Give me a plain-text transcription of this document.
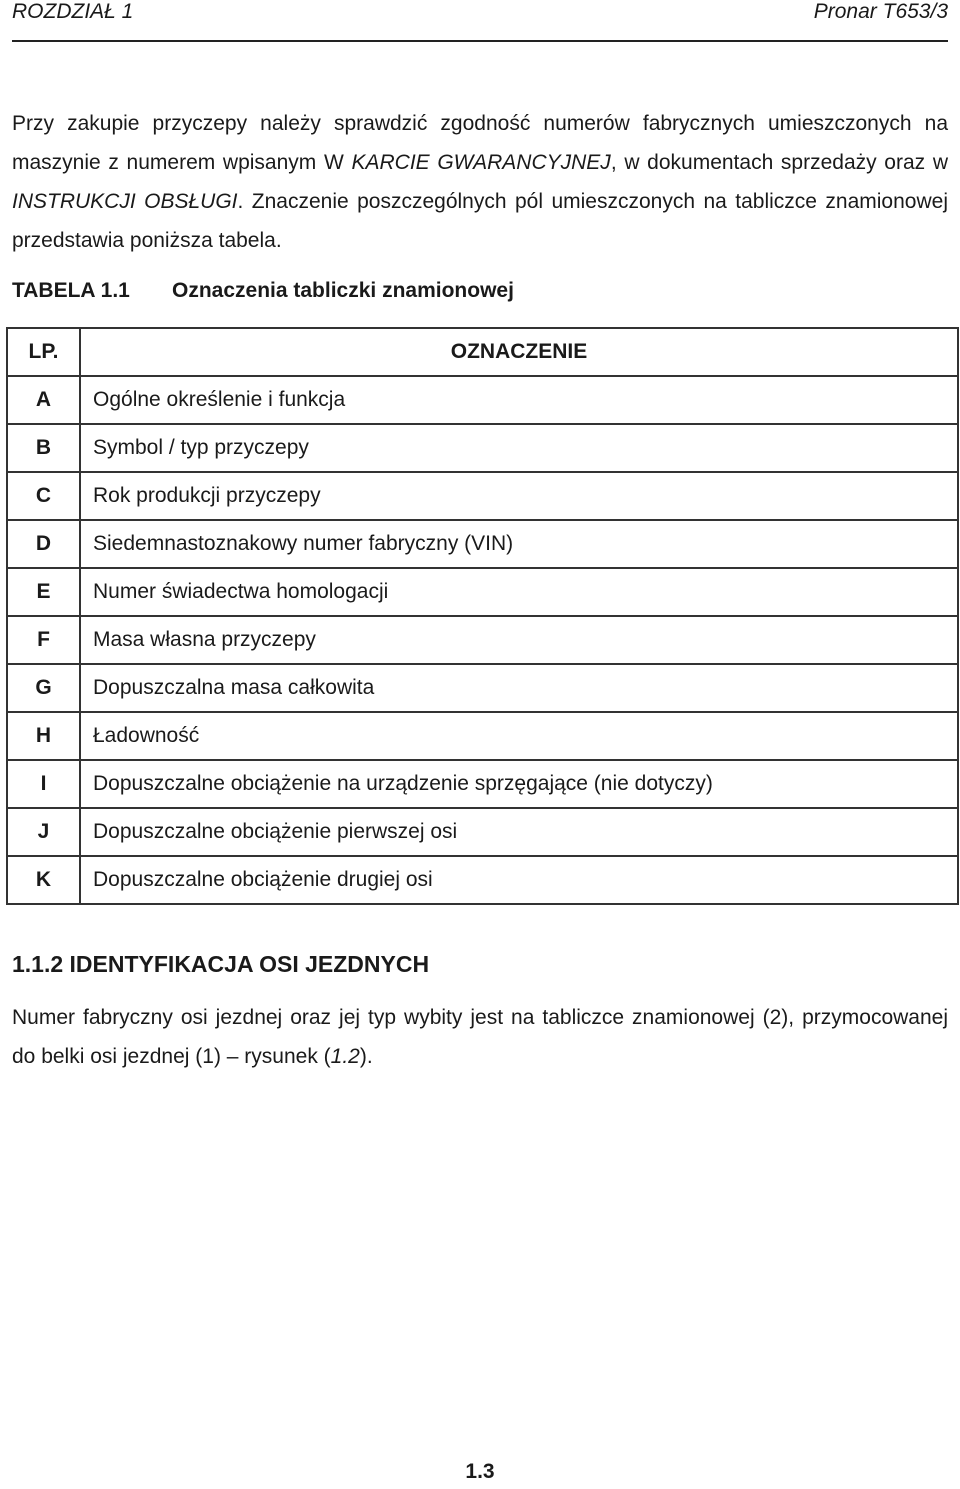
ROZDZIAŁ 1	Pronar T653/3
Przy zakupie przyczepy należy sprawdzić zgodność numerów fabrycznych umieszczonych na maszynie z numerem wpisanym W KARCIE GWARANCYJNEJ, w dokumentach sprzedaży oraz w INSTRUKCJI OBSŁUGI. Znaczenie poszczególnych pól umieszczonych na tabliczce znamionowej przedstawia poniższa tabela.
TABELA 1.1 Oznaczenia tabliczki znamionowej
LP.	OZNACZENIE
A	Ogólne określenie i funkcja
B	Symbol / typ przyczepy
C	Rok produkcji przyczepy
D	Siedemnastoznakowy numer fabryczny (VIN)
E	Numer świadectwa homologacji
F	Masa własna przyczepy
G	Dopuszczalna masa całkowita
H	Ładowność
I	Dopuszczalne obciążenie na urządzenie sprzęgające (nie dotyczy)
J	Dopuszczalne obciążenie pierwszej osi
K	Dopuszczalne obciążenie drugiej osi
1.1.2 IDENTYFIKACJA OSI JEZDNYCH
Numer fabryczny osi jezdnej oraz jej typ wybity jest na tabliczce znamionowej (2), przymocowanej do belki osi jezdnej (1) – rysunek (1.2).
1.3
